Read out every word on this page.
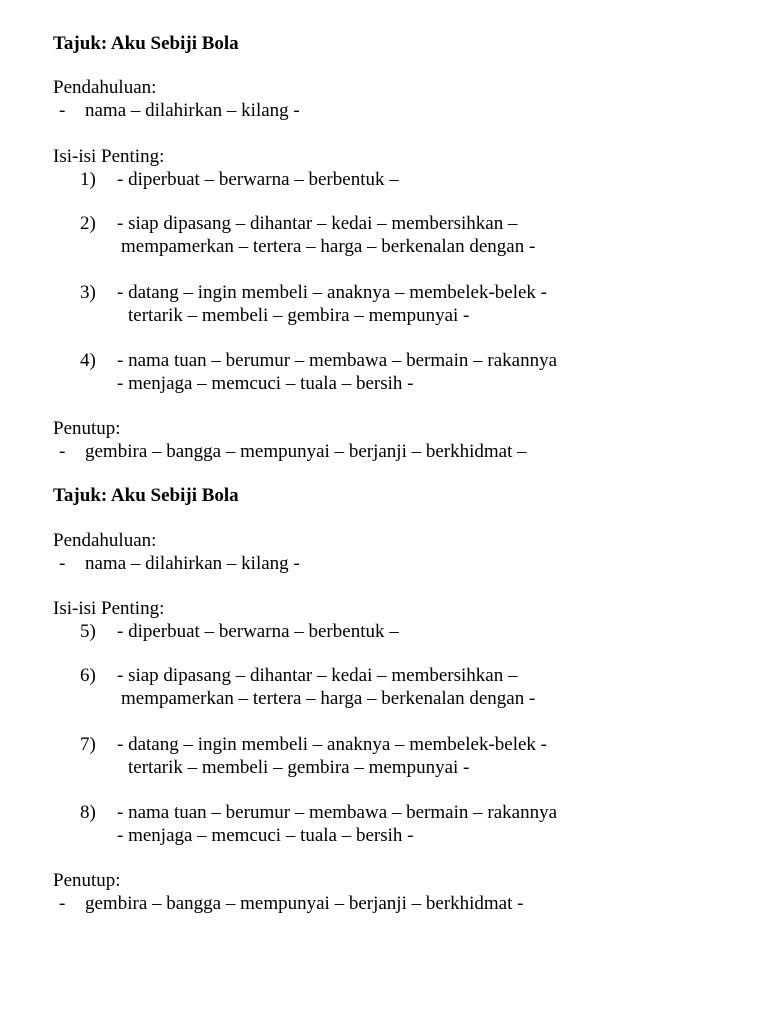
Tajuk: Aku Sebiji Bola
Pendahuluan:
- nama – dilahirkan – kilang -
Isi-isi Penting:
1) - diperbuat – berwarna – berbentuk –
2) - siap dipasang – dihantar – kedai – membersihkan –
mempamerkan – tertera – harga – berkenalan dengan -
3) - datang – ingin membeli – anaknya – membelek-belek -
tertarik – membeli – gembira – mempunyai -
4) - nama tuan – berumur – membawa – bermain – rakannya
- menjaga – memcuci – tuala – bersih -
Penutup:
- gembira – bangga – mempunyai – berjanji – berkhidmat –
Tajuk: Aku Sebiji Bola
Pendahuluan:
- nama – dilahirkan – kilang -
Isi-isi Penting:
5) - diperbuat – berwarna – berbentuk –
6) - siap dipasang – dihantar – kedai – membersihkan –
mempamerkan – tertera – harga – berkenalan dengan -
7) - datang – ingin membeli – anaknya – membelek-belek -
tertarik – membeli – gembira – mempunyai -
8) - nama tuan – berumur – membawa – bermain – rakannya
- menjaga – memcuci – tuala – bersih -
Penutup:
- gembira – bangga – mempunyai – berjanji – berkhidmat -
